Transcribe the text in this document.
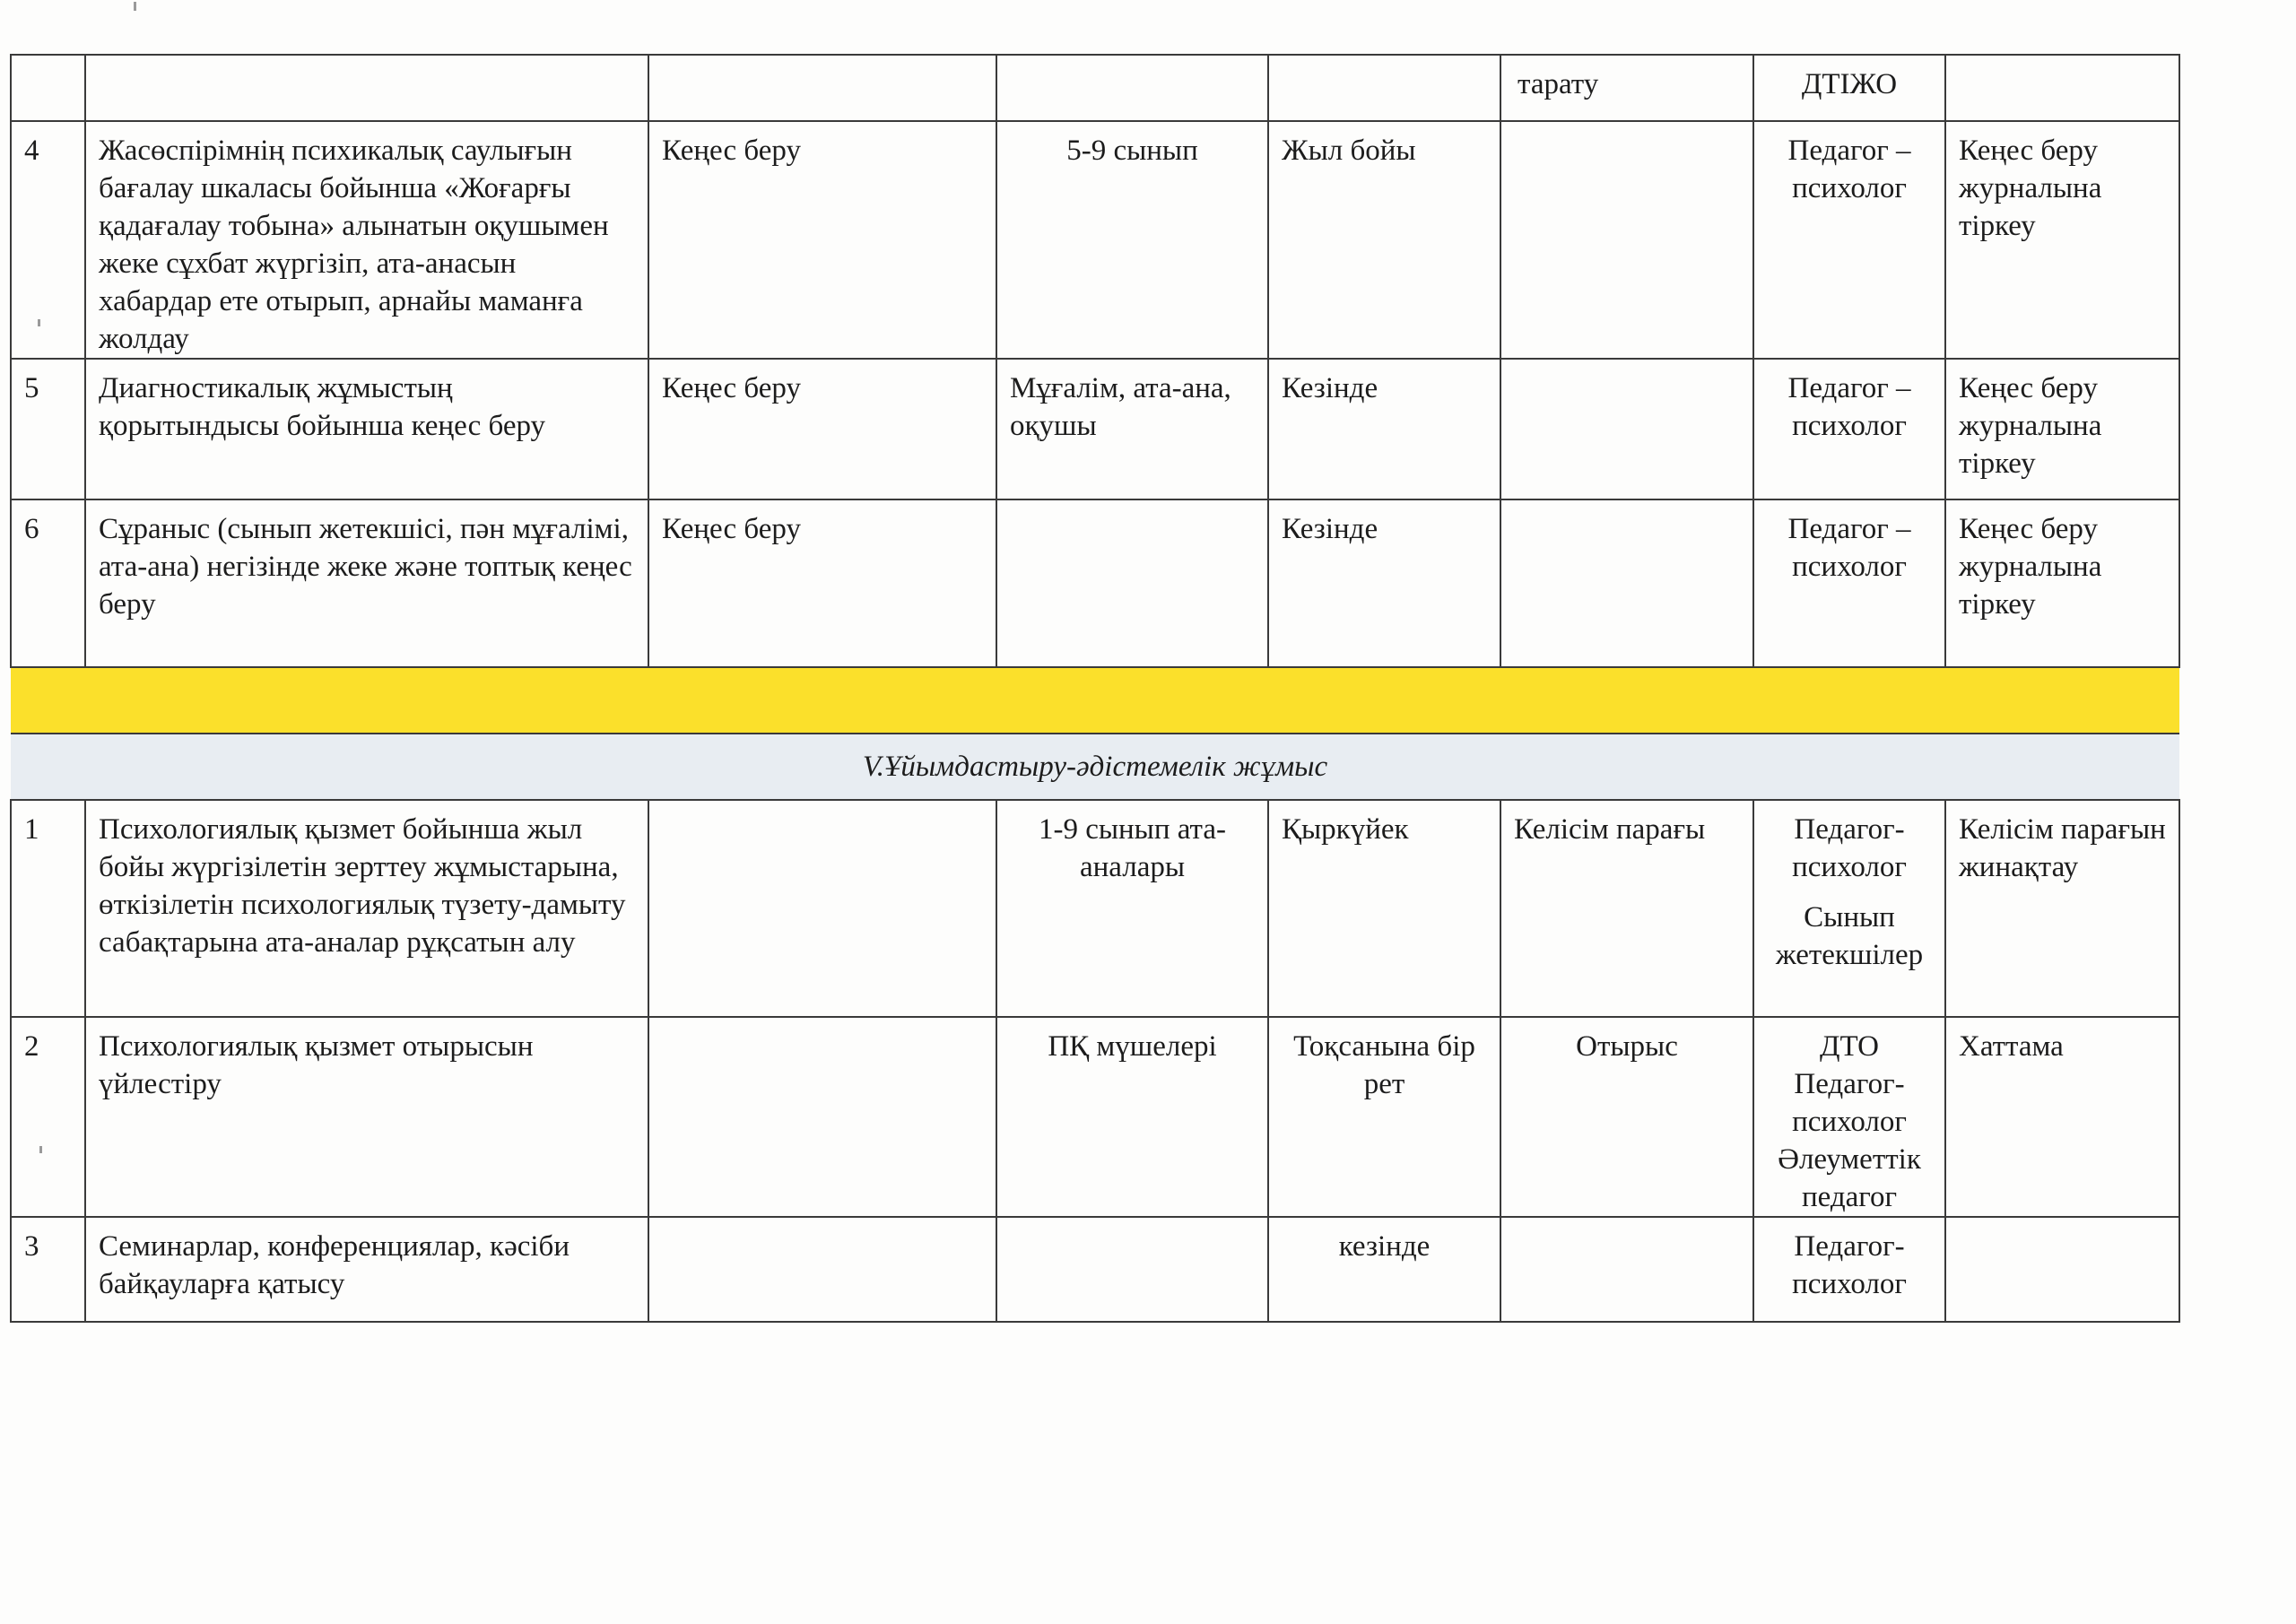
					тарату	ДТІЖО	
4	Жасөспірімнің психикалық саулығын бағалау шкаласы бойынша «Жоғарғы қадағалау тобына» алынатын оқушымен жеке сұхбат жүргізіп, ата-анасын хабардар ете отырып, арнайы маманға жолдау	Кеңес беру	5-9 сынып	Жыл бойы		Педагог –
психолог	Кеңес беру журналына тіркеу
5	Диагностикалық жұмыстың қорытындысы бойынша кеңес беру	Кеңес беру	Мұғалім, ата-ана, оқушы	Кезінде		Педагог –
психолог	Кеңес беру журналына тіркеу
6	Сұраныс (сынып жетекшісі, пән мұғалімі, ата-ана) негізінде жеке және топтық кеңес беру	Кеңес беру		Кезінде		Педагог –
психолог	Кеңес беру журналына тіркеу

V.Ұйымдастыру-әдістемелік жұмыс							
1	Психологиялық қызмет бойынша жыл бойы жүргізілетін зерттеу жұмыстарына, өткізілетін психологиялық түзету-дамыту сабақтарына ата-аналар рұқсатын алу		1-9 сынып ата-аналары	Қыркүйек	Келісім парағы	Педагог-
психолог
Сынып
жетекшілер	Келісім парағын жинақтау
2	Психологиялық қызмет отырысын үйлестіру		ПҚ мүшелері	Тоқсанына бір рет	Отырыс	ДТО
Педагог-
психолог
Әлеуметтік
педагог	Хаттама
3	Семинарлар, конференциялар, кәсіби байқауларға қатысу			кезінде		Педагог-
психолог	
